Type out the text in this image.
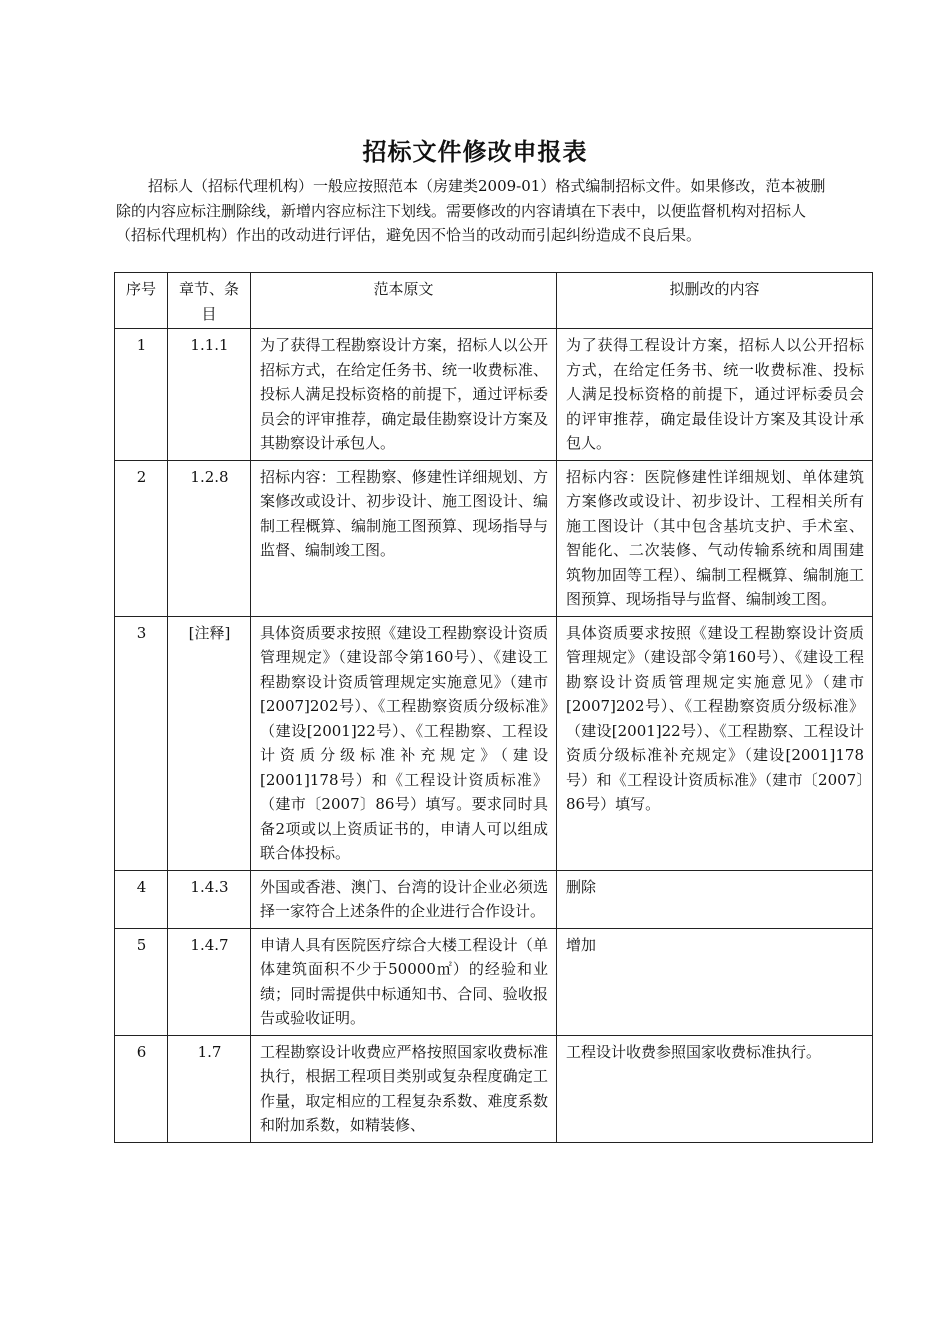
招标文件修改申报表
招标人（招标代理机构）一般应按照范本（房建类2009-01）格式编制招标文件。如果修改，范本被删除的内容应标注删除线，新增内容应标注下划线。需要修改的内容请填在下表中，以便监督机构对招标人（招标代理机构）作出的改动进行评估，避免因不恰当的改动而引起纠纷造成不良后果。
序号	章节、条目	范本原文	拟删改的内容
1	1.1.1	为了获得工程勘察设计方案，招标人以公开招标方式，在给定任务书、统一收费标准、投标人满足投标资格的前提下，通过评标委员会的评审推荐，确定最佳勘察设计方案及其勘察设计承包人。	为了获得工程设计方案，招标人以公开招标方式，在给定任务书、统一收费标准、投标人满足投标资格的前提下，通过评标委员会的评审推荐，确定最佳设计方案及其设计承包人。
2	1.2.8	招标内容：工程勘察、修建性详细规划、方案修改或设计、初步设计、施工图设计、编制工程概算、编制施工图预算、现场指导与监督、编制竣工图。	招标内容：医院修建性详细规划、单体建筑方案修改或设计、初步设计、工程相关所有施工图设计（其中包含基坑支护、手术室、智能化、二次装修、气动传输系统和周围建筑物加固等工程）、编制工程概算、编制施工图预算、现场指导与监督、编制竣工图。
3	[注释]	具体资质要求按照《建设工程勘察设计资质管理规定》（建设部令第160号）、《建设工程勘察设计资质管理规定实施意见》（建市[2007]202号）、《工程勘察资质分级标准》（建设[2001]22号）、《工程勘察、工程设计资质分级标准补充规定》（建设[2001]178号）和《工程设计资质标准》（建市〔2007〕86号）填写。要求同时具备2项或以上资质证书的，申请人可以组成联合体投标。	具体资质要求按照《建设工程勘察设计资质管理规定》（建设部令第160号）、《建设工程勘察设计资质管理规定实施意见》（建市[2007]202号）、《工程勘察资质分级标准》（建设[2001]22号）、《工程勘察、工程设计资质分级标准补充规定》（建设[2001]178号）和《工程设计资质标准》（建市〔2007〕86号）填写。
4	1.4.3	外国或香港、澳门、台湾的设计企业必须选择一家符合上述条件的企业进行合作设计。	删除
5	1.4.7	申请人具有医院医疗综合大楼工程设计（单体建筑面积不少于50000㎡）的经验和业绩；同时需提供中标通知书、合同、验收报告或验收证明。	增加
6	1.7	工程勘察设计收费应严格按照国家收费标准执行，根据工程项目类别或复杂程度确定工作量，取定相应的工程复杂系数、难度系数和附加系数，如精装修、	工程设计收费参照国家收费标准执行。
